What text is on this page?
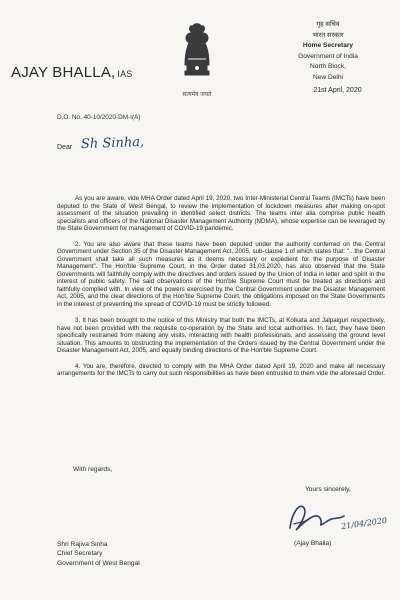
AJAY BHALLA, IAS
सत्यमेव जयते
गृह सचिव
भारत सरकार
Home Secretary
Government of India
North Block,
New Delhi
21st April, 2020
D.O. No. 40-10/2020-DM-I(A)
Dear Sh Sinha,

As you are aware, vide MHA Order dated April 19, 2020, two Inter-Ministerial Central Teams (IMCTs) have been deputed to the State of West Bengal, to review the implementation of lockdown measures after making on-spot assessment of the situation prevailing in identified select districts. The teams inter alia comprise public health specialists and officers of the National Disaster Management Authority (NDMA), whose expertise can be leveraged by the State Government for management of COVID-19 pandemic.

2. You are also aware that these teams have been deputed under the authority conferred on the Central Government under Section 35 of the Disaster Management Act, 2005, sub-clause 1 of which states that: "...the Central Government shall take all such measures as it deems necessary or expedient for the purpose of Disaster Management". The Hon'ble Supreme Court, in the Order dated 31.03.2020, has also observed that the State Governments will faithfully comply with the directives and orders issued by the Union of India in letter and spirit in the interest of public safety. The said observations of the Hon'ble Supreme Court must be treated as directions and faithfully complied with. In view of the powers exercised by the Central Government under the Disaster Management Act, 2005, and the clear directions of the Hon'ble Supreme Court, the obligations imposed on the State Governments in the interest of preventing the spread of COVID-19 must be strictly followed.

3. It has been brought to the notice of this Ministry that both the IMCTs, at Kolkata and Jalpaiguri respectively, have not been provided with the requisite co-operation by the State and local authorities. In fact, they have been specifically restrained from making any visits, interacting with health professionals, and assessing the ground level situation. This amounts to obstructing the implementation of the Orders issued by the Central Government under the Disaster Management Act, 2005, and equally binding directions of the Hon'ble Supreme Court.

4. You are, therefore, directed to comply with the MHA Order dated April 19, 2020 and make all necessary arrangements for the IMCTs to carry out such responsibilities as have been entrusted to them vide the aforesaid Order.

With regards,
Yours sincerely,
21/04/2020
(Ajay Bhalla)
Shri Rajiva Sinha
Chief Secretary
Government of West Bengal
